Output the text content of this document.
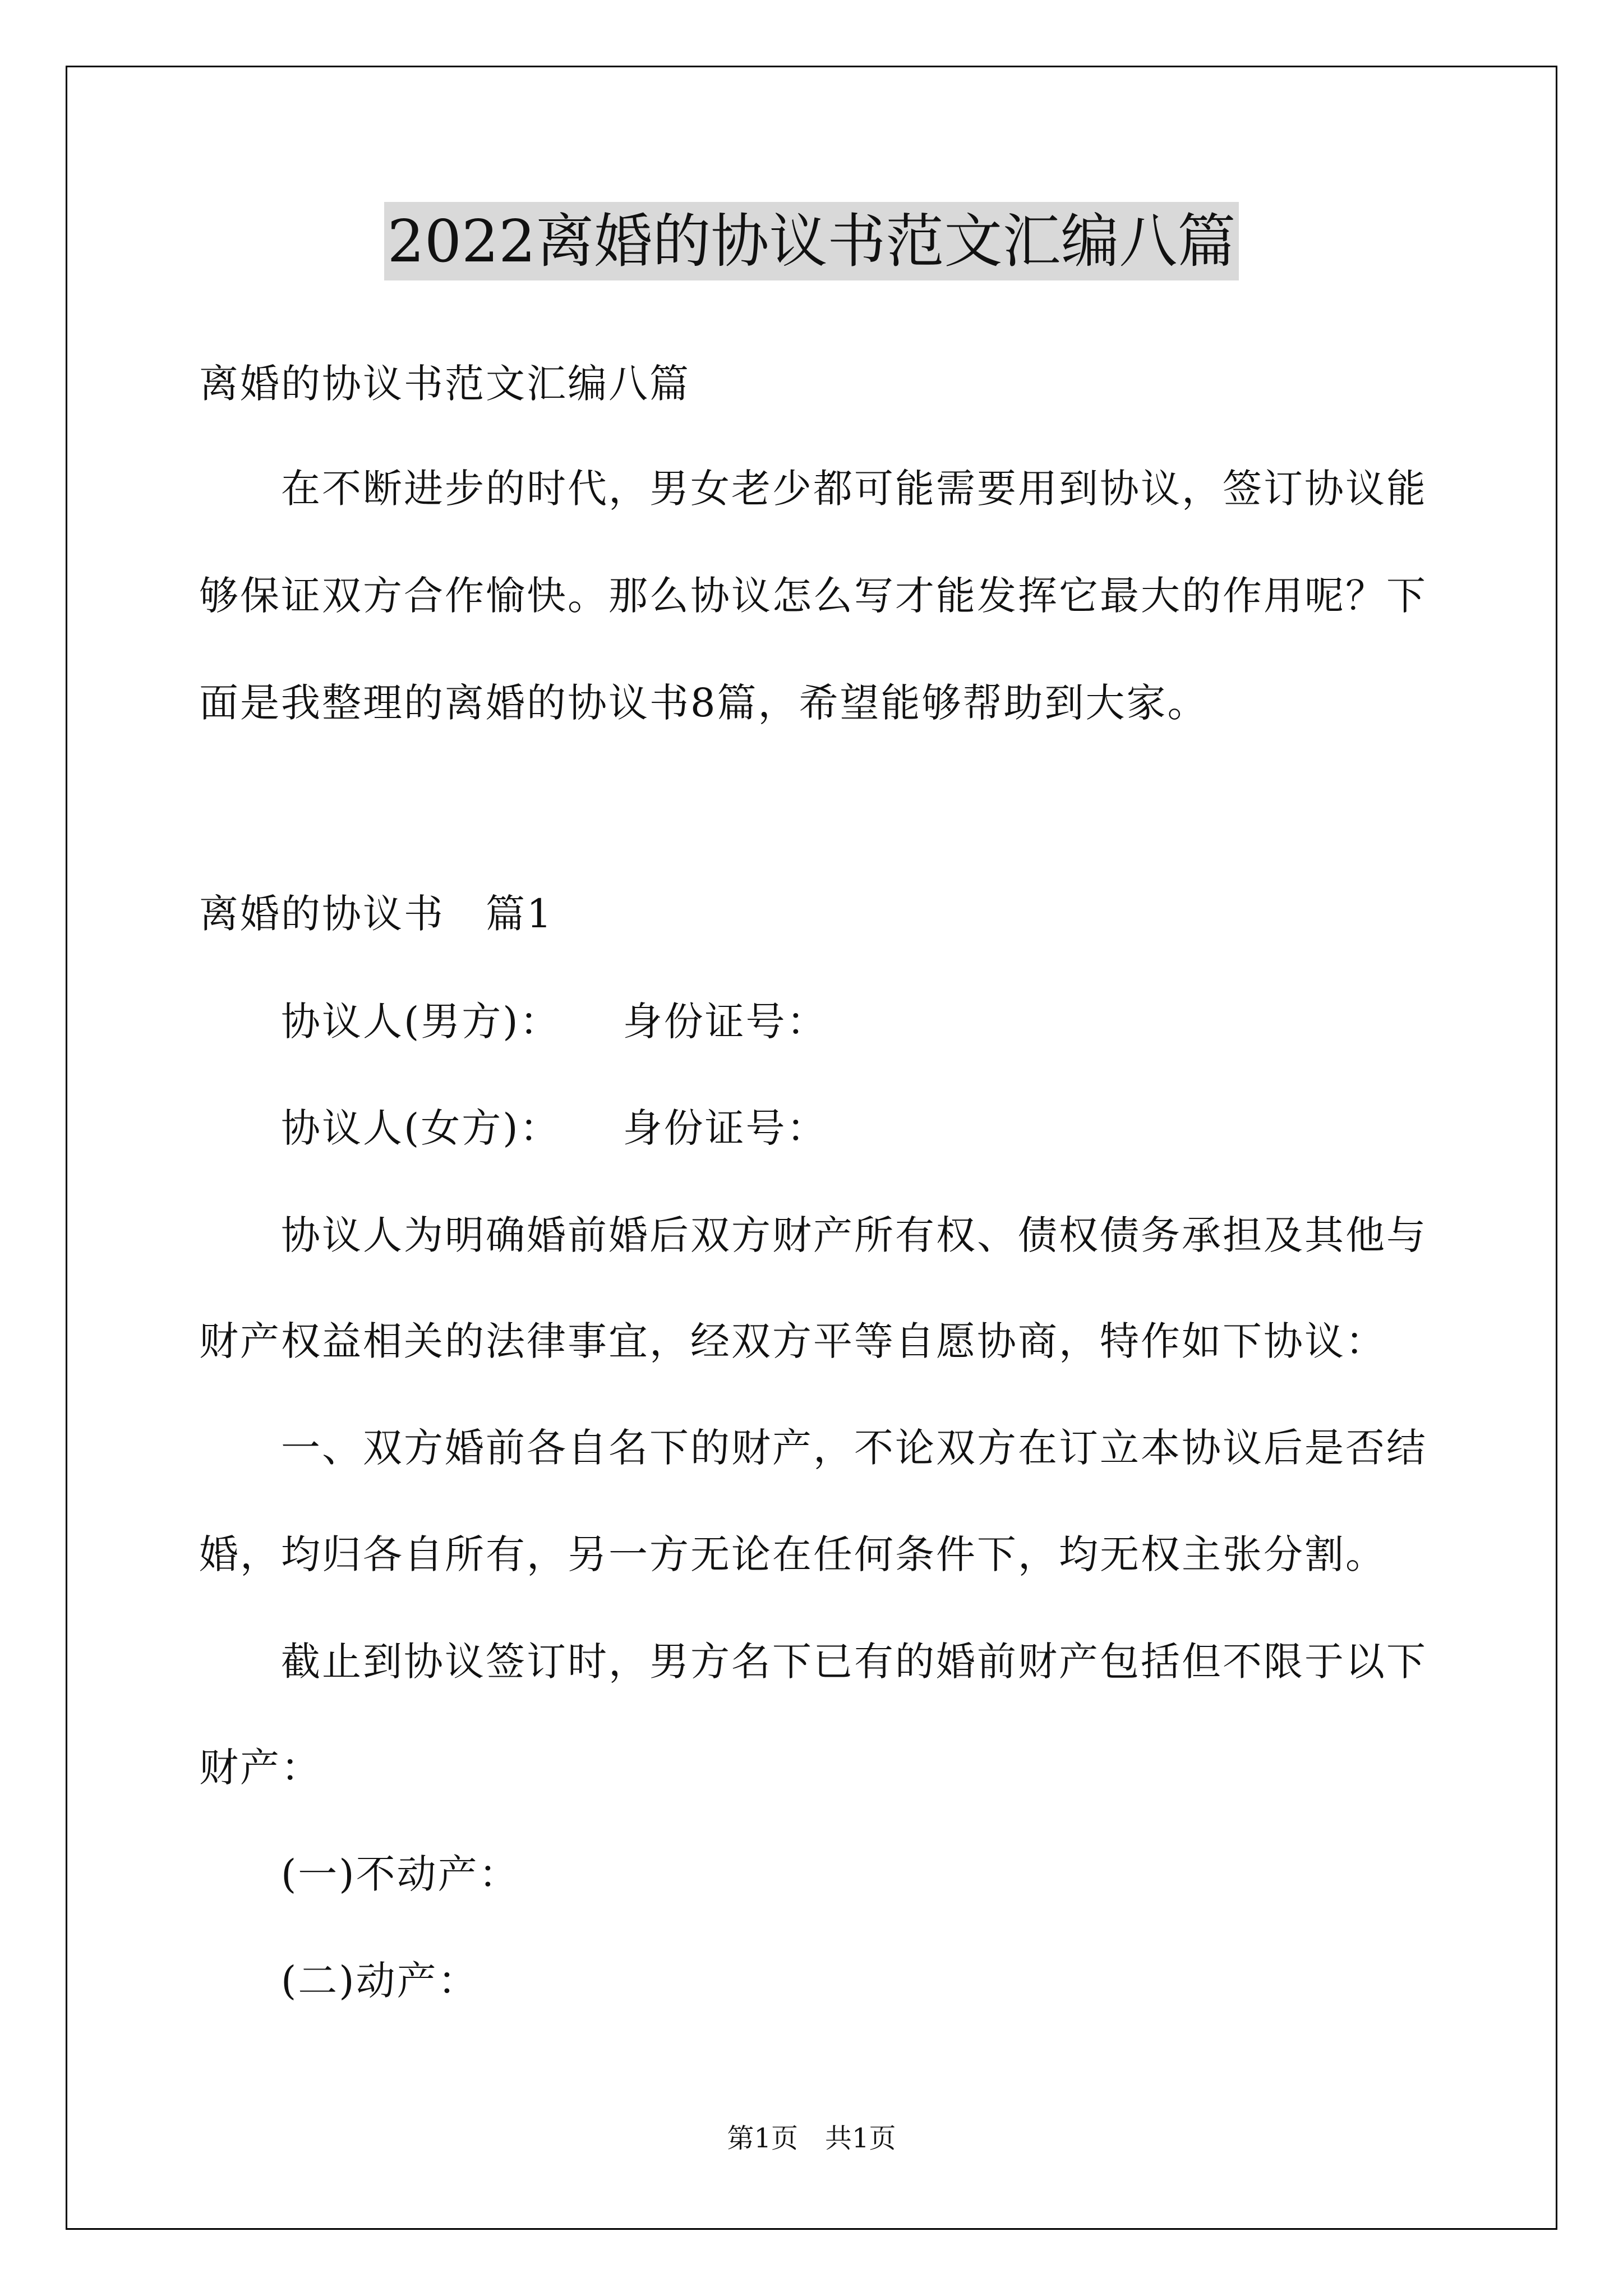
2022离婚的协议书范文汇编八篇
离婚的协议书范文汇编八篇
在不断进步的时代，男女老少都可能需要用到协议，签订协议能
够保证双方合作愉快。那么协议怎么写才能发挥它最大的作用呢？下
面是我整理的离婚的协议书8篇，希望能够帮助到大家。
离婚的协议书　篇1
协议人(男方)：　　身份证号：
协议人(女方)：　　身份证号：
协议人为明确婚前婚后双方财产所有权、债权债务承担及其他与
财产权益相关的法律事宜，经双方平等自愿协商，特作如下协议：
一、双方婚前各自名下的财产，不论双方在订立本协议后是否结
婚，均归各自所有，另一方无论在任何条件下，均无权主张分割。
截止到协议签订时，男方名下已有的婚前财产包括但不限于以下
财产：
(一)不动产：
(二)动产：
第1页　共1页
